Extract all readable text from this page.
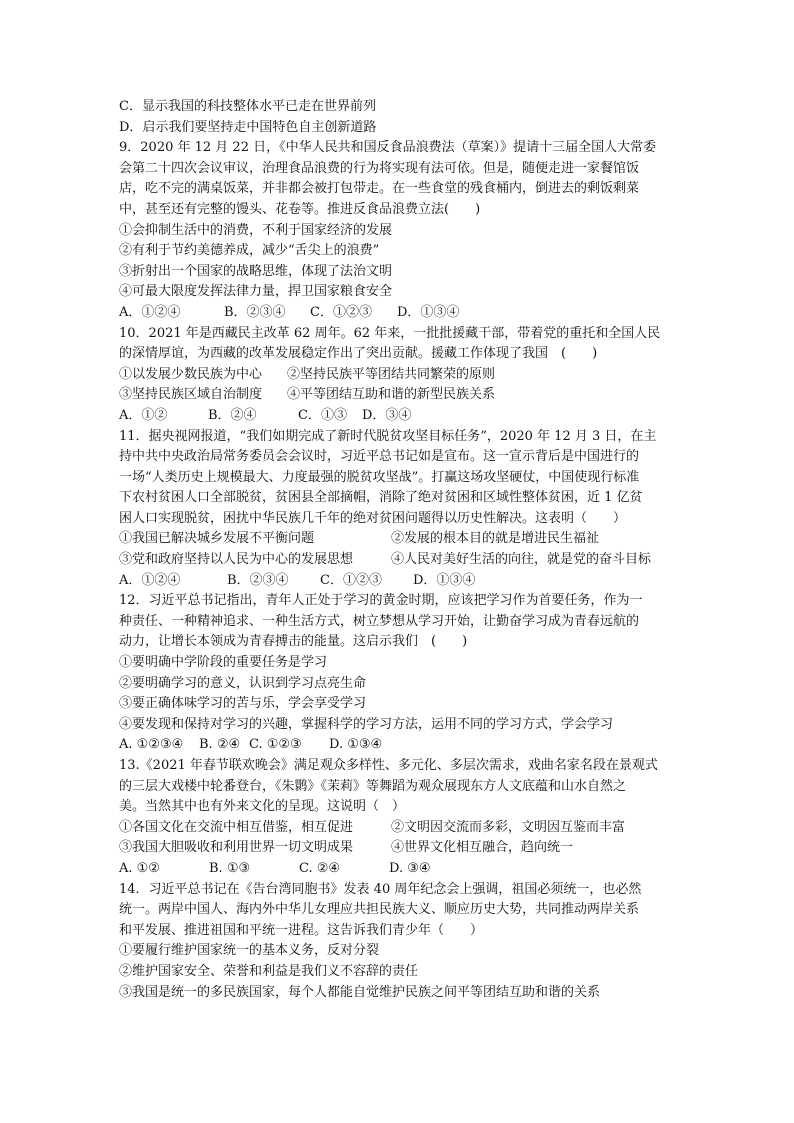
C．显示我国的科技整体水平已走在世界前列
D．启示我们要坚持走中国特色自主创新道路
9．2020 年 12 月 22 日，《中华人民共和国反食品浪费法（草案）》提请十三届全国人大常委
会第二十四次会议审议，治理食品浪费的行为将实现有法可依。但是，随便走进一家餐馆饭
店，吃不完的满桌饭菜，并非都会被打包带走。在一些食堂的残食桶内，倒进去的剩饭剩菜
中，甚至还有完整的馒头、花卷等。推进反食品浪费立法(　　)
①会抑制生活中的消费，不利于国家经济的发展
②有利于节约美德养成，减少“舌尖上的浪费”
③折射出一个国家的战略思维，体现了法治文明
④可最大限度发挥法律力量，捍卫国家粮食安全
A．①②④	B．②③④	C．①②③	D．①③④
10．2021 年是西藏民主改革 62 周年。62 年来，一批批援藏干部，带着党的重托和全国人民
的深情厚谊，为西藏的改革发展稳定作出了突出贡献。援藏工作体现了我国　(　　)
①以发展少数民族为中心	②坚持民族平等团结共同繁荣的原则
③坚持民族区域自治制度	④平等团结互助和谐的新型民族关系
A．①②	B．②④	C．①③	D．③④
11．据央视网报道，“我们如期完成了新时代脱贫攻坚目标任务”，2020 年 12 月 3 日，在主
持中共中央政治局常务委员会会议时，习近平总书记如是宣布。这一宣示背后是中国进行的
一场“人类历史上规模最大、力度最强的脱贫攻坚战”。打赢这场攻坚硬仗，中国使现行标准
下农村贫困人口全部脱贫，贫困县全部摘帽，消除了绝对贫困和区域性整体贫困，近 1 亿贫
困人口实现脱贫，困扰中华民族几千年的绝对贫困问题得以历史性解决。这表明（　　）
①我国已解决城乡发展不平衡问题	②发展的根本目的就是增进民生福祉
③党和政府坚持以人民为中心的发展思想	④人民对美好生活的向往，就是党的奋斗目标
A．①②④	B．②③④	C．①②③	D．①③④
12．习近平总书记指出，青年人正处于学习的黄金时期，应该把学习作为首要任务，作为一
种责任、一种精神追求、一种生活方式，树立梦想从学习开始，让勤奋学习成为青春远航的
动力，让增长本领成为青春搏击的能量。这启示我们　(　　)
①要明确中学阶段的重要任务是学习
②要明确学习的意义，认识到学习点亮生命
③要正确体味学习的苦与乐，学会享受学习
④要发现和保持对学习的兴趣，掌握科学的学习方法，运用不同的学习方式，学会学习
A. ①②③④	B. ②④ C. ①②③	D. ①③④
13.《2021 年春节联欢晚会》满足观众多样性、多元化、多层次需求，戏曲名家名段在景观式
的三层大戏楼中轮番登台，《朱鹮》《茉莉》等舞蹈为观众展现东方人文底蕴和山水自然之
美。当然其中也有外来文化的呈现。这说明（　）
①各国文化在交流中相互借鉴，相互促进	②文明因交流而多彩，文明因互鉴而丰富
③我国大胆吸收和利用世界一切文明成果	④世界文化相互融合，趋向统一
A. ①②	B. ①③	C. ②④	D. ③④
14．习近平总书记在《告台湾同胞书》发表 40 周年纪念会上强调，祖国必须统一，也必然
统一。两岸中国人、海内外中华儿女理应共担民族大义、顺应历史大势，共同推动两岸关系
和平发展、推进祖国和平统一进程。这告诉我们青少年（　　）
①要履行维护国家统一的基本义务，反对分裂
②维护国家安全、荣誉和利益是我们义不容辞的责任
③我国是统一的多民族国家，每个人都能自觉维护民族之间平等团结互助和谐的关系
